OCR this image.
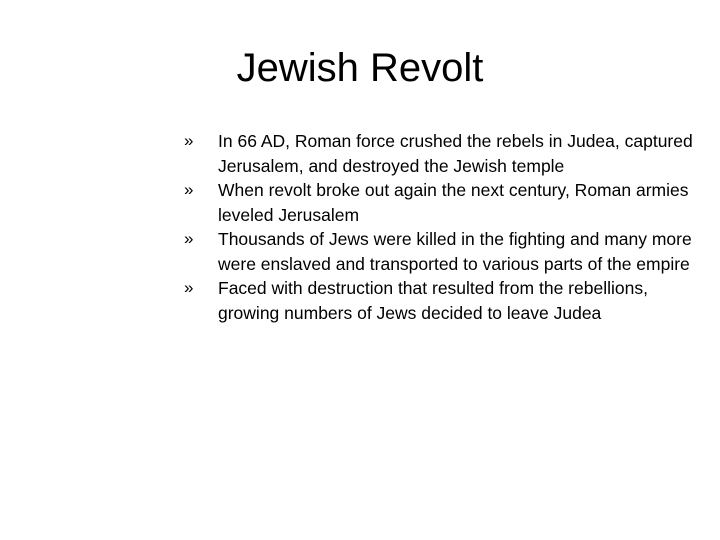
Jewish Revolt
»	In 66 AD, Roman force crushed the rebels in Judea, captured Jerusalem, and destroyed the Jewish temple
»	When revolt broke out again the next century, Roman armies leveled Jerusalem
»	Thousands of Jews were killed in the fighting and many more were enslaved and transported to various parts of the empire
»	Faced with destruction that resulted from the rebellions, growing numbers of Jews decided to leave Judea
